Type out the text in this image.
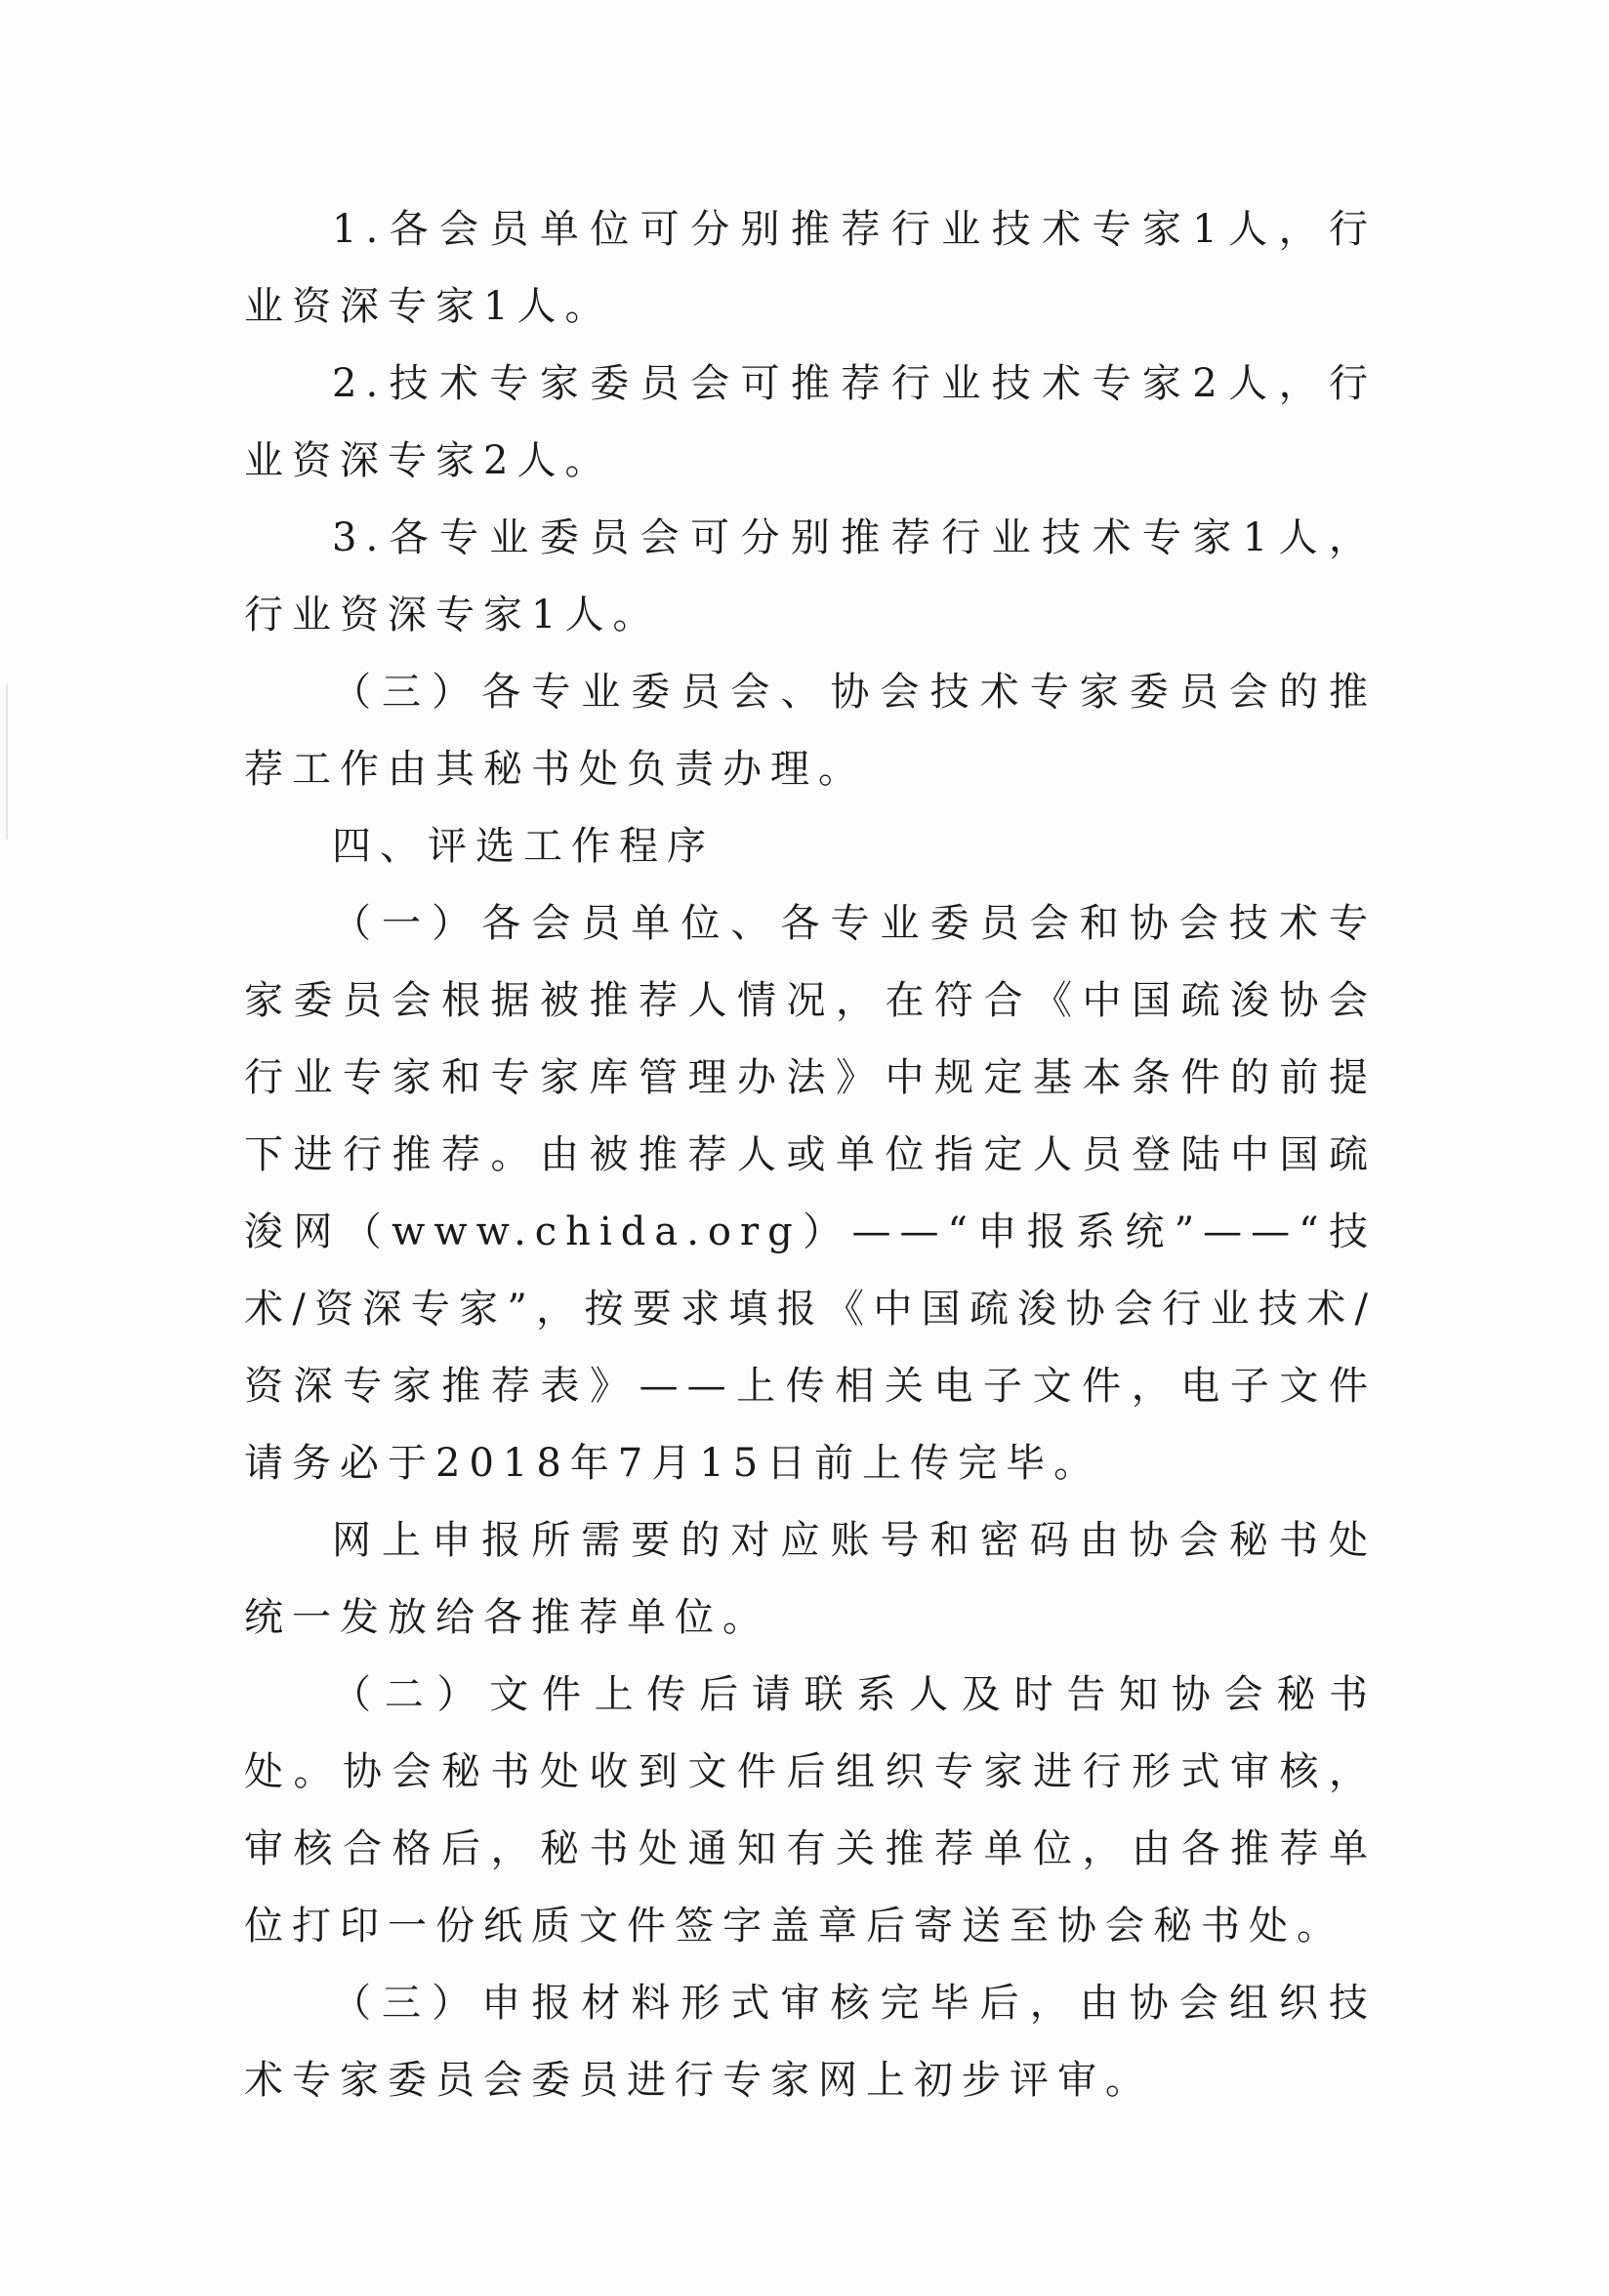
1.各会员单位可分别推荐行业技术专家1人，行业资深专家1人。

2.技术专家委员会可推荐行业技术专家2人，行业资深专家2人。

3.各专业委员会可分别推荐行业技术专家1人，行业资深专家1人。

（三）各专业委员会、协会技术专家委员会的推荐工作由其秘书处负责办理。

四、评选工作程序

（一）各会员单位、各专业委员会和协会技术专家委员会根据被推荐人情况，在符合《中国疏浚协会行业专家和专家库管理办法》中规定基本条件的前提下进行推荐。由被推荐人或单位指定人员登陆中国疏浚网（www.chida.org）——“申报系统”——“技术/资深专家”，按要求填报《中国疏浚协会行业技术/资深专家推荐表》——上传相关电子文件，电子文件请务必于2018年7月15日前上传完毕。

网上申报所需要的对应账号和密码由协会秘书处统一发放给各推荐单位。

（二）文件上传后请联系人及时告知协会秘书处。协会秘书处收到文件后组织专家进行形式审核，审核合格后，秘书处通知有关推荐单位，由各推荐单位打印一份纸质文件签字盖章后寄送至协会秘书处。

（三）申报材料形式审核完毕后，由协会组织技术专家委员会委员进行专家网上初步评审。
